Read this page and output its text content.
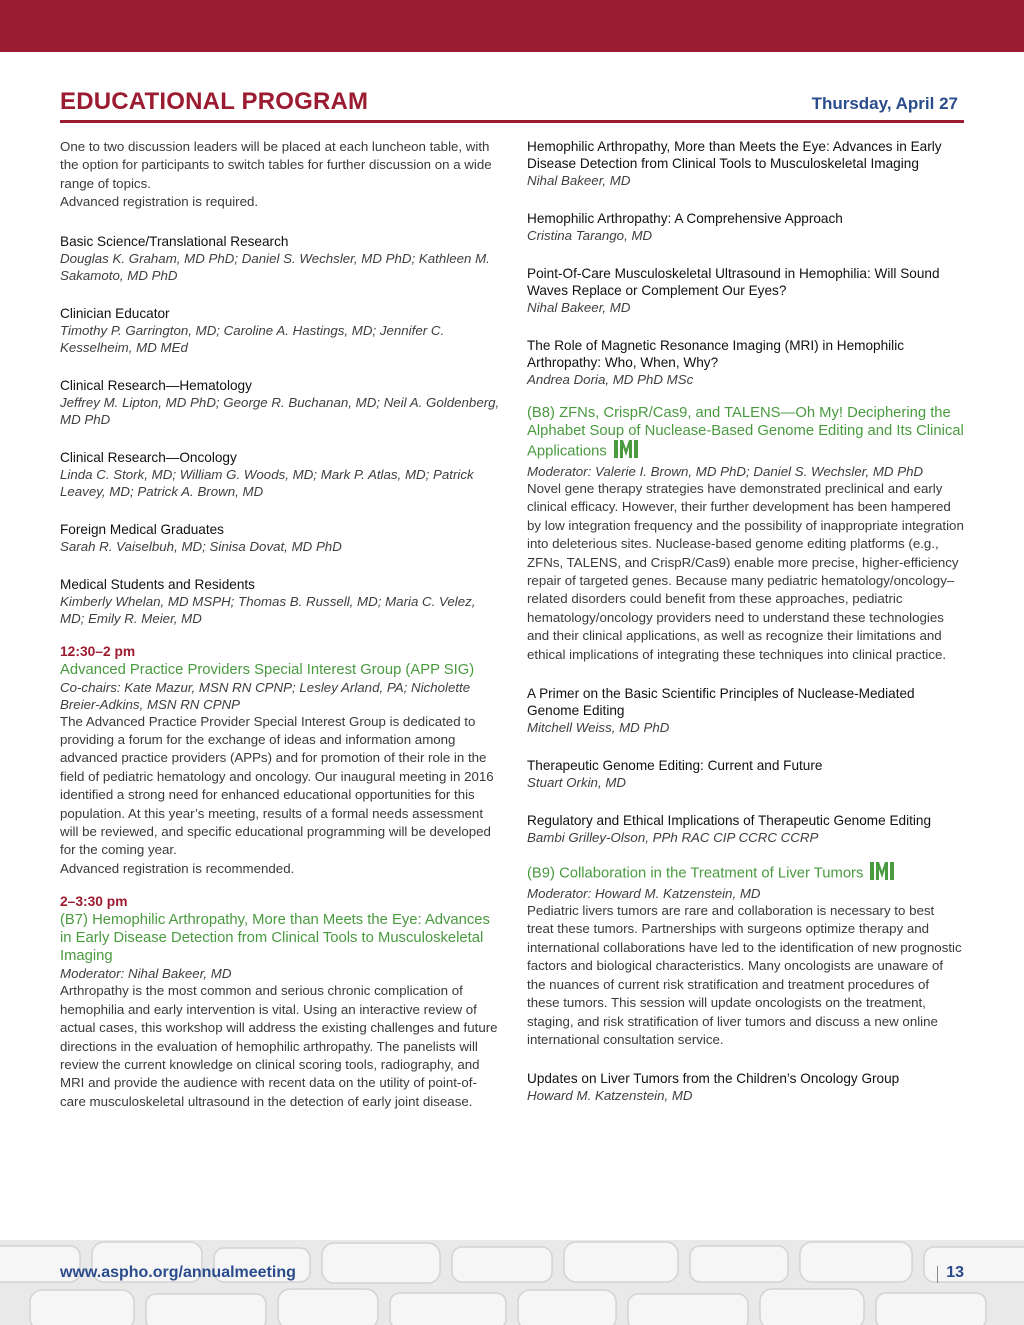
EDUCATIONAL PROGRAM	Thursday, April 27

One to two discussion leaders will be placed at each luncheon table, with the option for participants to switch tables for further discussion on a wide range of topics.

Advanced registration is required.

Basic Science/Translational Research
Douglas K. Graham, MD PhD; Daniel S. Wechsler, MD PhD; Kathleen M. Sakamoto, MD PhD
Clinician Educator
Timothy P. Garrington, MD; Caroline A. Hastings, MD; Jennifer C. Kesselheim, MD MEd
Clinical Research—Hematology
Jeffrey M. Lipton, MD PhD; George R. Buchanan, MD; Neil A. Goldenberg, MD PhD
Clinical Research—Oncology
Linda C. Stork, MD; William G. Woods, MD; Mark P. Atlas, MD; Patrick Leavey, MD; Patrick A. Brown, MD
Foreign Medical Graduates
Sarah R. Vaiselbuh, MD; Sinisa Dovat, MD PhD
Medical Students and Residents
Kimberly Whelan, MD MSPH; Thomas B. Russell, MD; Maria C. Velez, MD; Emily R. Meier, MD
12:30–2 pm
Advanced Practice Providers Special Interest Group (APP SIG)
Co-chairs: Kate Mazur, MSN RN CPNP; Lesley Arland, PA; Nicholette Breier-Adkins, MSN RN CPNP

The Advanced Practice Provider Special Interest Group is dedicated to providing a forum for the exchange of ideas and information among advanced practice providers (APPs) and for promotion of their role in the field of pediatric hematology and oncology. Our inaugural meeting in 2016 identified a strong need for enhanced educational opportunities for this population. At this year’s meeting, results of a formal needs assessment will be reviewed, and specific educational programming will be developed for the coming year.

Advanced registration is recommended.

2–3:30 pm
(B7) Hemophilic Arthropathy, More than Meets the Eye: Advances in Early Disease Detection from Clinical Tools to Musculoskeletal Imaging
Moderator: Nihal Bakeer, MD

Arthropathy is the most common and serious chronic complication of hemophilia and early intervention is vital. Using an interactive review of actual cases, this workshop will address the existing challenges and future directions in the evaluation of hemophilic arthropathy. The panelists will review the current knowledge on clinical scoring tools, radiography, and MRI and provide the audience with recent data on the utility of point-of-care musculoskeletal ultrasound in the detection of early joint disease.

Hemophilic Arthropathy, More than Meets the Eye: Advances in Early Disease Detection from Clinical Tools to Musculoskeletal Imaging
Nihal Bakeer, MD
Hemophilic Arthropathy: A Comprehensive Approach
Cristina Tarango, MD
Point-Of-Care Musculoskeletal Ultrasound in Hemophilia: Will Sound Waves Replace or Complement Our Eyes?
Nihal Bakeer, MD
The Role of Magnetic Resonance Imaging (MRI) in Hemophilic Arthropathy: Who, When, Why?
Andrea Doria, MD PhD MSc
(B8) ZFNs, CrispR/Cas9, and TALENS—Oh My! Deciphering the Alphabet Soup of Nuclease-Based Genome Editing and Its Clinical Applications
Moderator: Valerie I. Brown, MD PhD; Daniel S. Wechsler, MD PhD

Novel gene therapy strategies have demonstrated preclinical and early clinical efficacy. However, their further development has been hampered by low integration frequency and the possibility of inappropriate integration into deleterious sites. Nuclease-based genome editing platforms (e.g., ZFNs, TALENS, and CrispR/Cas9) enable more precise, higher-efficiency repair of targeted genes. Because many pediatric hematology/oncology–related disorders could benefit from these approaches, pediatric hematology/oncology providers need to understand these technologies and their clinical applications, as well as recognize their limitations and ethical implications of integrating these techniques into clinical practice.

A Primer on the Basic Scientific Principles of Nuclease-Mediated Genome Editing
Mitchell Weiss, MD PhD
Therapeutic Genome Editing: Current and Future
Stuart Orkin, MD
Regulatory and Ethical Implications of Therapeutic Genome Editing
Bambi Grilley-Olson, PPh RAC CIP CCRC CCRP
(B9) Collaboration in the Treatment of Liver Tumors
Moderator: Howard M. Katzenstein, MD

Pediatric livers tumors are rare and collaboration is necessary to best treat these tumors. Partnerships with surgeons optimize therapy and international collaborations have led to the identification of new prognostic factors and biological characteristics. Many oncologists are unaware of the nuances of current risk stratification and treatment procedures of these tumors. This session will update oncologists on the treatment, staging, and risk stratification of liver tumors and discuss a new online international consultation service.

Updates on Liver Tumors from the Children’s Oncology Group
Howard M. Katzenstein, MD
www.aspho.org/annualmeeting	13
